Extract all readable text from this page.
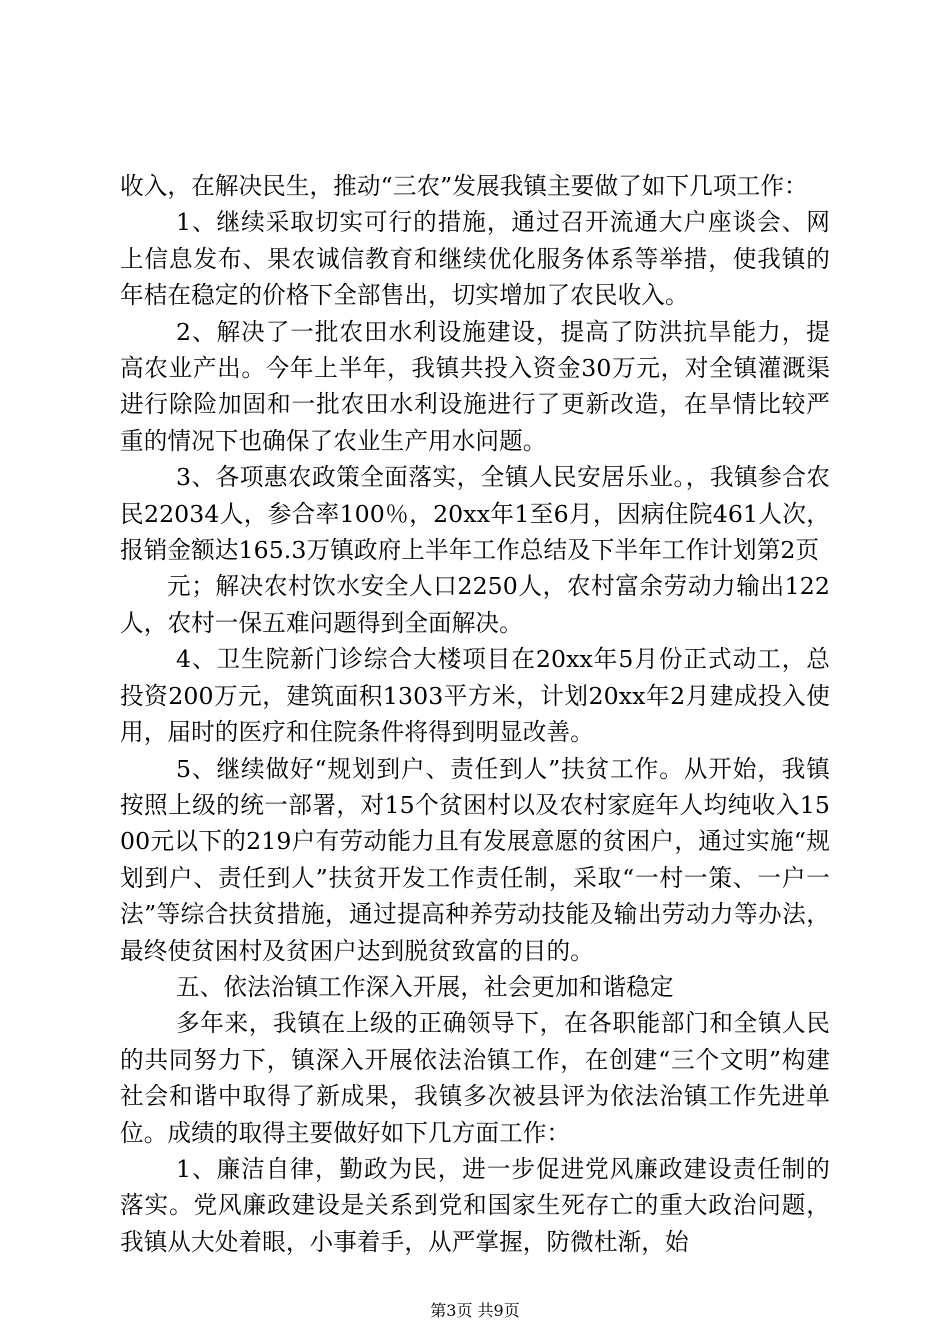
收入，在解决民生，推动“三农”发展我镇主要做了如下几项工作：

1、继续采取切实可行的措施，通过召开流通大户座谈会、网上信息发布、果农诚信教育和继续优化服务体系等举措，使我镇的年桔在稳定的价格下全部售出，切实增加了农民收入。

2、解决了一批农田水利设施建设，提高了防洪抗旱能力，提高农业产出。今年上半年，我镇共投入资金30万元，对全镇灌溉渠进行除险加固和一批农田水利设施进行了更新改造，在旱情比较严重的情况下也确保了农业生产用水问题。

3、各项惠农政策全面落实，全镇人民安居乐业。，我镇参合农民22034人，参合率100％，20xx年1至6月，因病住院461人次，报销金额达165.3万镇政府上半年工作总结及下半年工作计划第2页

元；解决农村饮水安全人口2250人，农村富余劳动力输出122人，农村一保五难问题得到全面解决。

4、卫生院新门诊综合大楼项目在20xx年5月份正式动工，总投资200万元，建筑面积1303平方米，计划20xx年2月建成投入使用，届时的医疗和住院条件将得到明显改善。

5、继续做好“规划到户、责任到人”扶贫工作。从开始，我镇按照上级的统一部署，对15个贫困村以及农村家庭年人均纯收入1500元以下的219户有劳动能力且有发展意愿的贫困户，通过实施“规划到户、责任到人”扶贫开发工作责任制，采取“一村一策、一户一法”等综合扶贫措施，通过提高种养劳动技能及输出劳动力等办法，最终使贫困村及贫困户达到脱贫致富的目的。

五、依法治镇工作深入开展，社会更加和谐稳定

多年来，我镇在上级的正确领导下，在各职能部门和全镇人民的共同努力下，镇深入开展依法治镇工作，在创建“三个文明”构建社会和谐中取得了新成果，我镇多次被县评为依法治镇工作先进单位。成绩的取得主要做好如下几方面工作：

1、廉洁自律，勤政为民，进一步促进党风廉政建设责任制的落实。党风廉政建设是关系到党和国家生死存亡的重大政治问题，我镇从大处着眼，小事着手，从严掌握，防微杜渐，始

第3页 共9页
